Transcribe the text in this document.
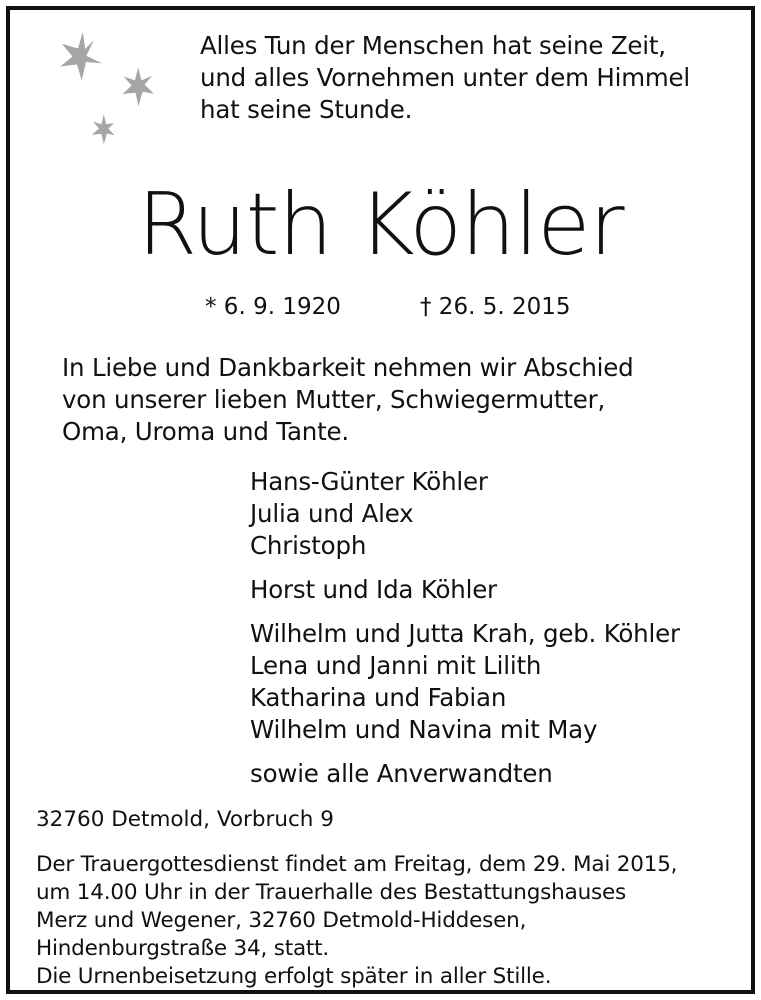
Alles Tun der Menschen hat seine Zeit,
und alles Vornehmen unter dem Himmel
hat seine Stunde.
Ruth Köhler
* 6. 9. 1920	† 26. 5. 2015
In Liebe und Dankbarkeit nehmen wir Abschied
von unserer lieben Mutter, Schwiegermutter,
Oma, Uroma und Tante.
Hans-Günter Köhler
Julia und Alex
Christoph
Horst und Ida Köhler
Wilhelm und Jutta Krah, geb. Köhler
Lena und Janni mit Lilith
Katharina und Fabian
Wilhelm und Navina mit May
sowie alle Anverwandten
32760 Detmold, Vorbruch 9
Der Trauergottesdienst findet am Freitag, dem 29. Mai 2015,
um 14.00 Uhr in der Trauerhalle des Bestattungshauses
Merz und Wegener, 32760 Detmold-Hiddesen,
Hindenburgstraße 34, statt.
Die Urnenbeisetzung erfolgt später in aller Stille.
